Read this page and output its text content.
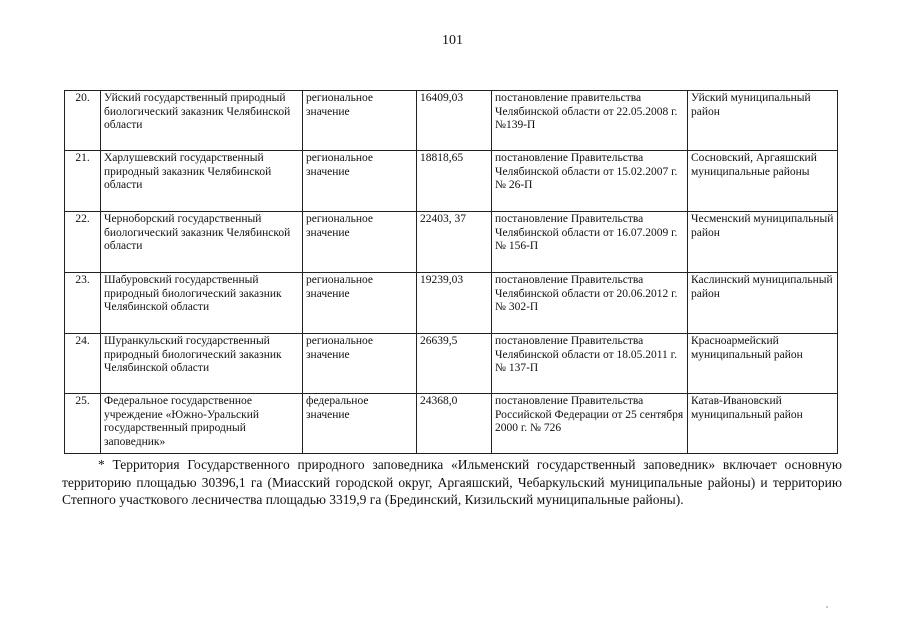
101
20.	Уйский государственный природный биологический заказник Челябинской области	региональное значение	16409,03	постановление правительства Челябинской области от 22.05.2008 г. №139-П	Уйский муниципальный район
21.	Харлушевский государственный природный заказник Челябинской области	региональное значение	18818,65	постановление Правительства Челябинской области от 15.02.2007 г. № 26-П	Сосновский, Аргаяшский муниципальные районы
22.	Черноборский государственный биологический заказник Челябинской области	региональное значение	22403, 37	постановление Правительства Челябинской области от 16.07.2009 г. № 156-П	Чесменский муниципальный район
23.	Шабуровский государственный природный биологический заказник Челябинской области	региональное значение	19239,03	постановление Правительства Челябинской области от 20.06.2012 г. № 302-П	Каслинский муниципальный район
24.	Шуранкульский государственный природный биологический заказник Челябинской области	региональное значение	26639,5	постановление Правительства Челябинской области от 18.05.2011 г. № 137-П	Красноармейский муниципальный район
25.	Федеральное государственное учреждение «Южно-Уральский государственный природный заповедник»	федеральное значение	24368,0	постановление Правительства Российской Федерации от 25 сентября 2000 г. № 726	Катав-Ивановский муниципальный район
* Территория Государственного природного заповедника «Ильменский государственный заповедник» включает основную территорию площадью 30396,1 га (Миасский городской округ, Аргаяшский, Чебаркульский муниципальные районы) и территорию Степного участкового лесничества площадью 3319,9 га (Брединский, Кизильский муниципальные районы).
